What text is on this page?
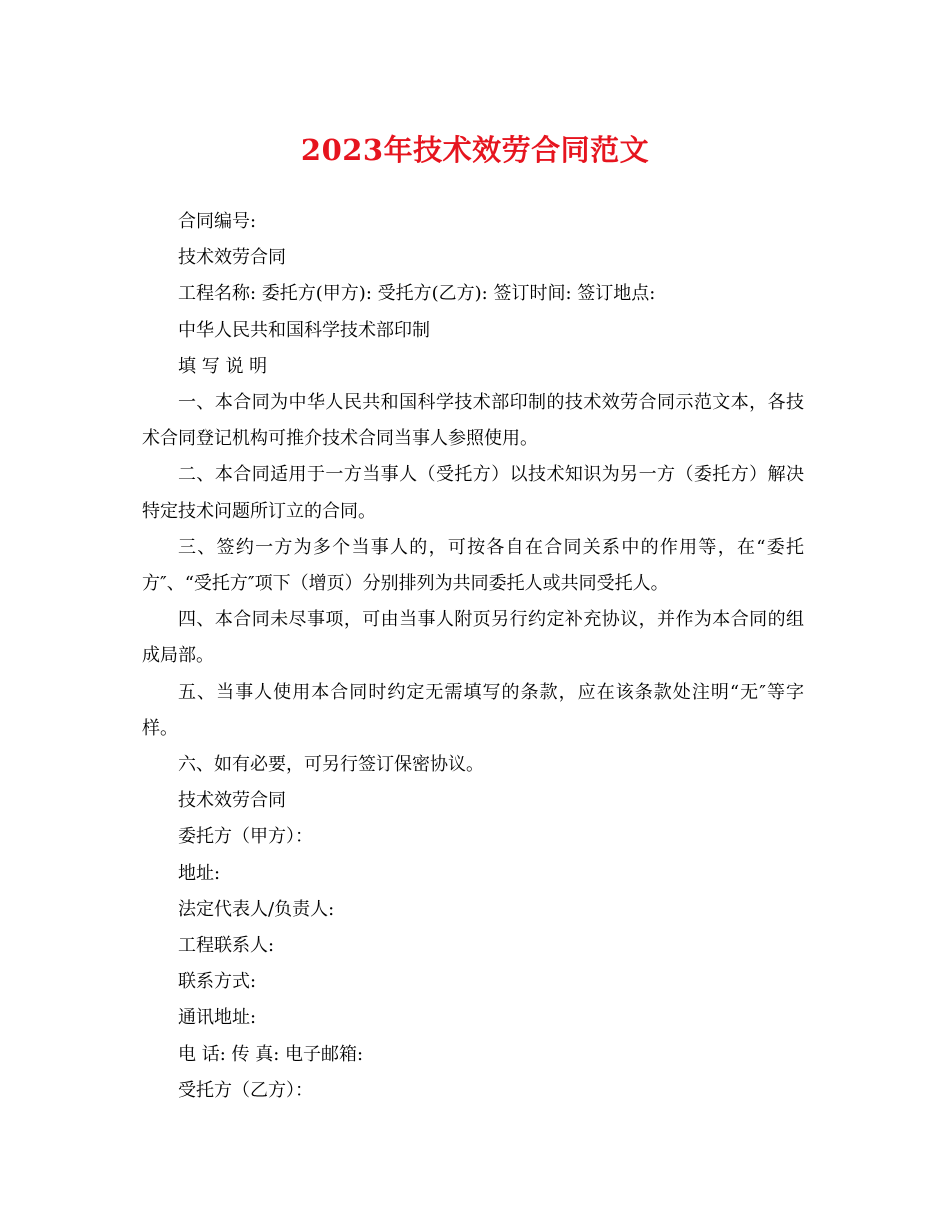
2023年技术效劳合同范文
合同编号:
技术效劳合同
工程名称: 委托方(甲方): 受托方(乙方): 签订时间: 签订地点:
中华人民共和国科学技术部印制
填 写 说 明
一、本合同为中华人民共和国科学技术部印制的技术效劳合同示范文本，各技术合同登记机构可推介技术合同当事人参照使用。
二、本合同适用于一方当事人（受托方）以技术知识为另一方（委托方）解决特定技术问题所订立的合同。
三、签约一方为多个当事人的，可按各自在合同关系中的作用等，在“委托方″、“受托方″项下（增页）分别排列为共同委托人或共同受托人。
四、本合同未尽事项，可由当事人附页另行约定补充协议，并作为本合同的组成局部。
五、当事人使用本合同时约定无需填写的条款，应在该条款处注明“无″等字样。
六、如有必要，可另行签订保密协议。
技术效劳合同
委托方（甲方）：
地址:
法定代表人/负责人:
工程联系人:
联系方式:
通讯地址:
电 话: 传 真: 电子邮箱:
受托方（乙方）：
